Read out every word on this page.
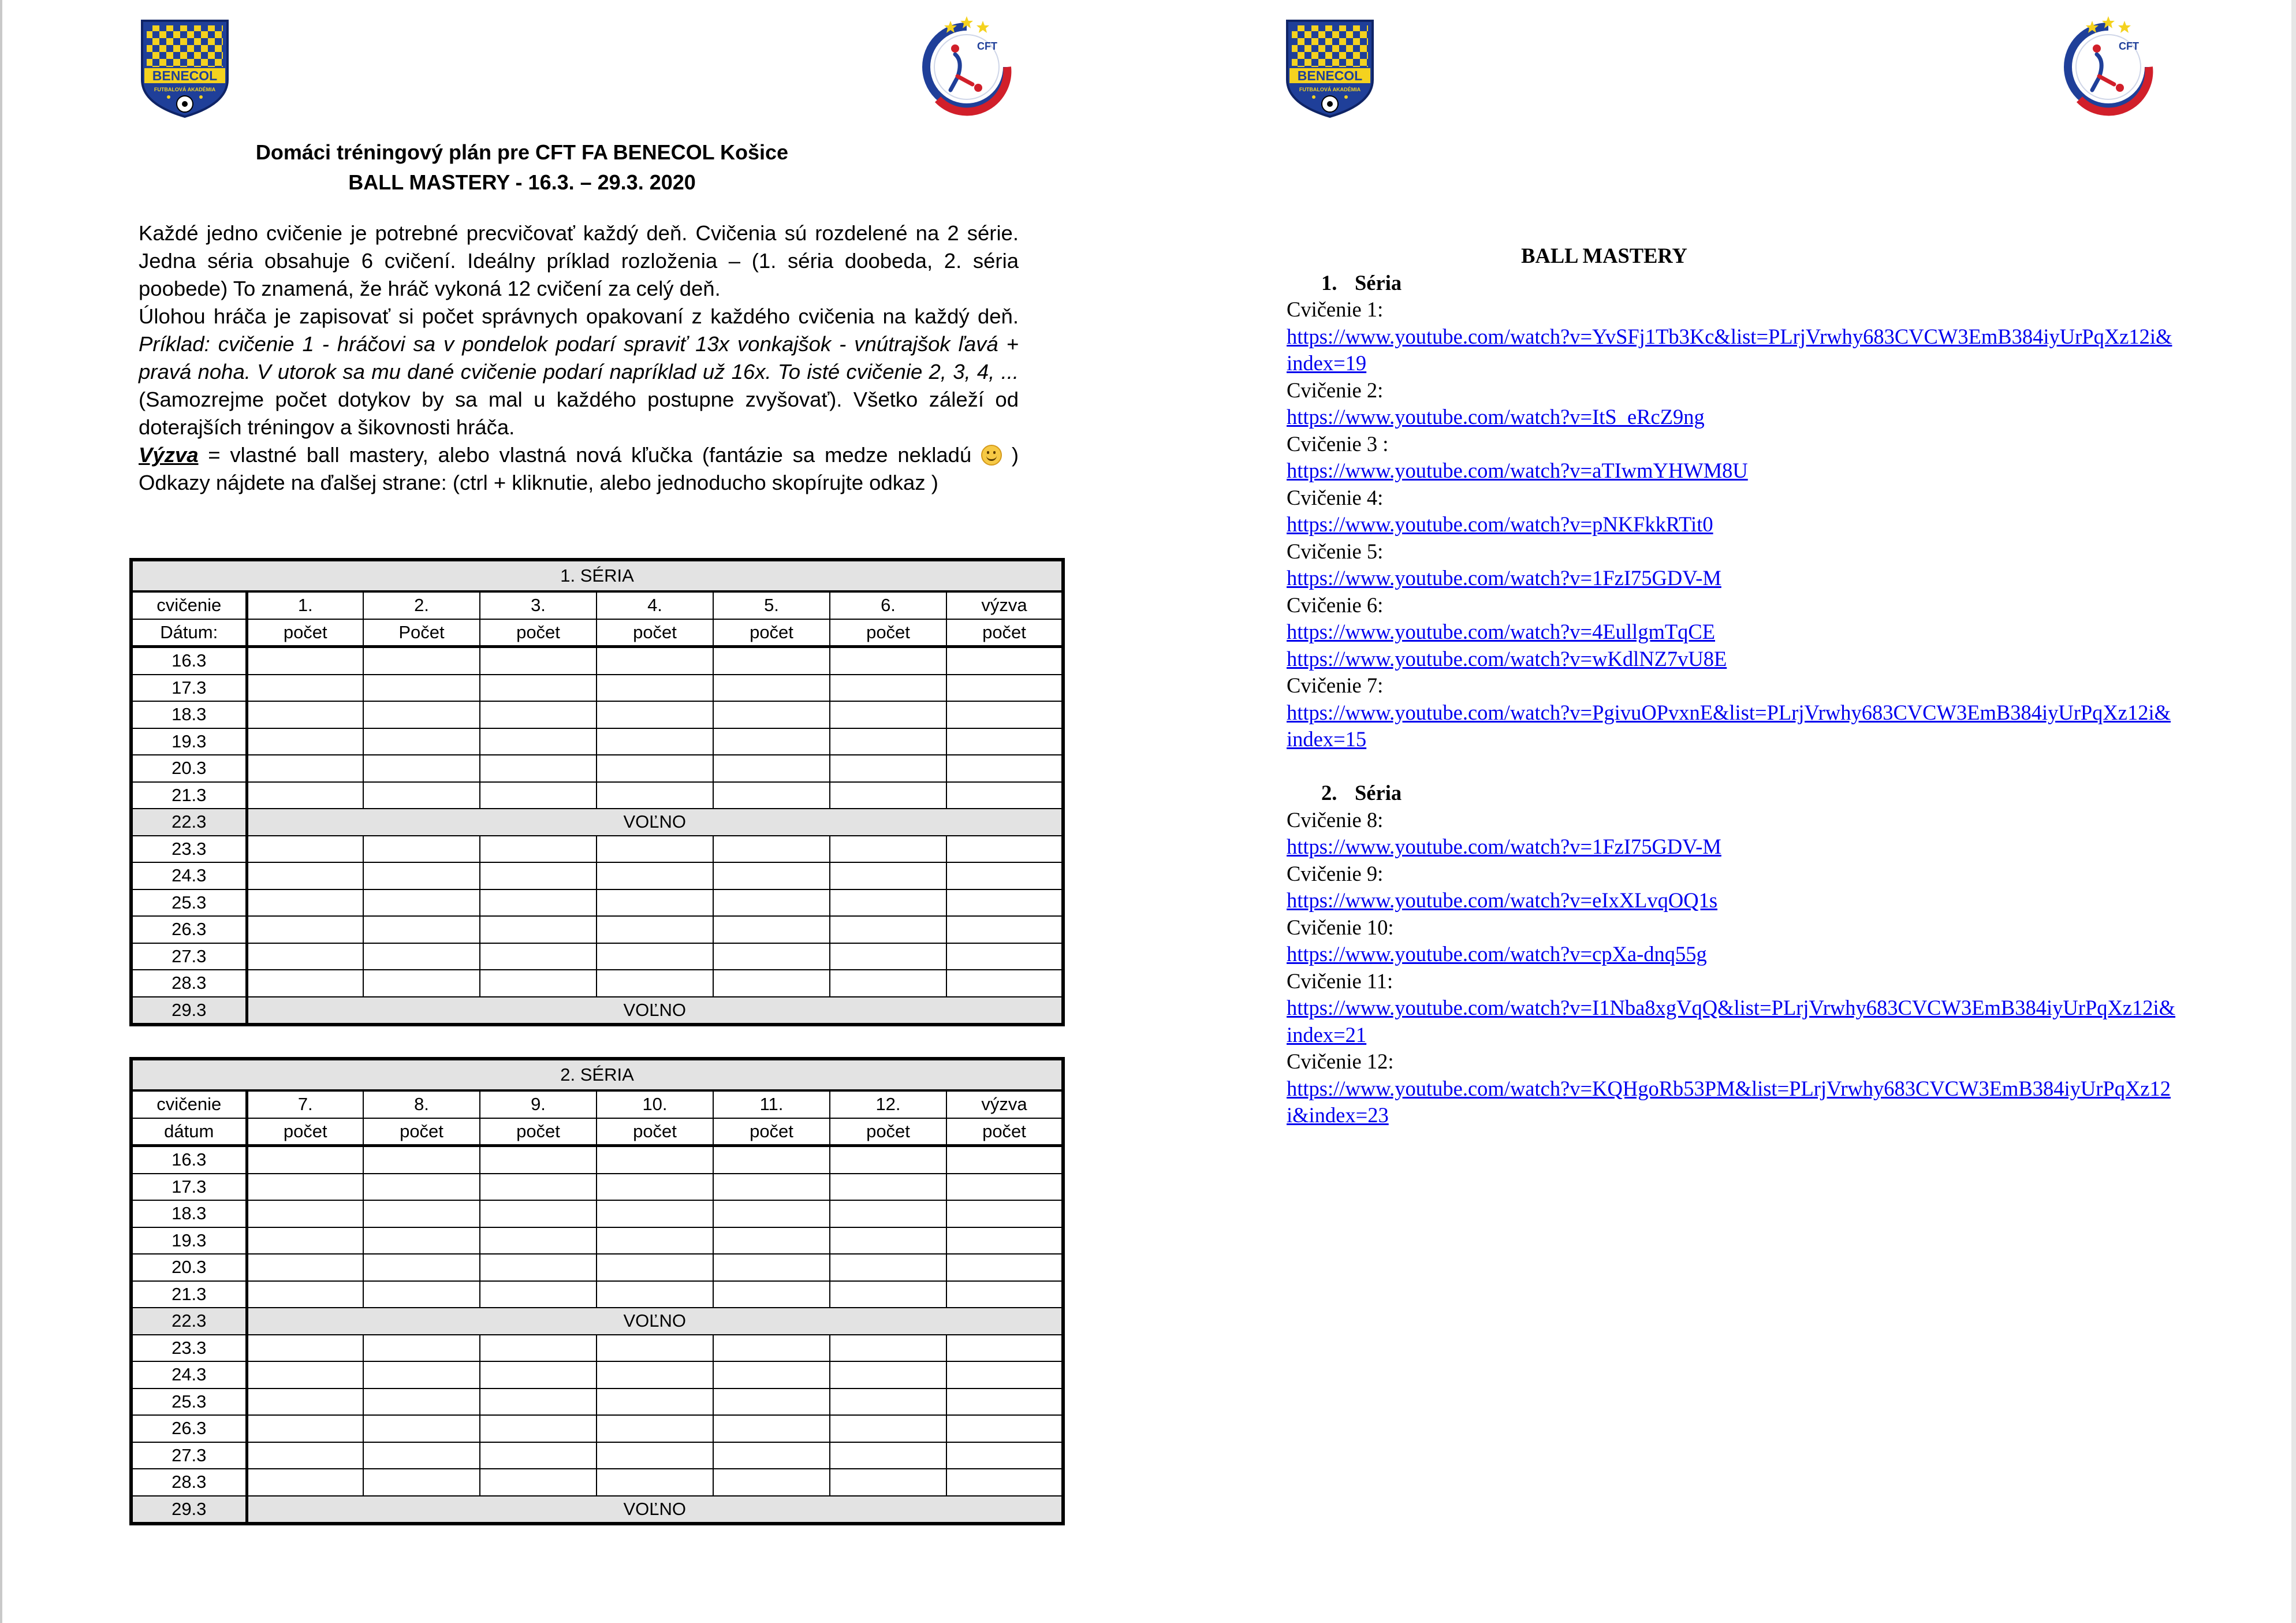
BENECOL
FUTBALOVÁ AKADÉMIA
CFT
Domáci tréningový plán pre CFT FA BENECOL Košice
BALL MASTERY - 16.3. – 29.3. 2020
Každé jedno cvičenie je potrebné precvičovať každý deň. Cvičenia sú rozdelené na 2 série. Jedna séria obsahuje 6 cvičení. Ideálny príklad rozloženia – (1. séria doobeda, 2. séria poobede) To znamená, že hráč vykoná 12 cvičení za celý deň.
Úlohou hráča je zapisovať si počet správnych opakovaní z každého cvičenia na každý deň. Príklad: cvičenie 1 - hráčovi sa v pondelok podarí spraviť 13x vonkajšok - vnútrajšok ľavá + pravá noha. V utorok sa mu dané cvičenie podarí napríklad už 16x. To isté cvičenie 2, 3, 4, ... (Samozrejme počet dotykov by sa mal u každého postupne zvyšovať). Všetko záleží od doterajších tréningov a šikovnosti hráča.
Výzva = vlastné ball mastery, alebo vlastná nová kľučka (fantázie sa medze nekladú  ) Odkazy nájdete na ďalšej strane: (ctrl + kliknutie, alebo jednoducho skopírujte odkaz )
1. SÉRIA							
cvičenie	1.	2.	3.	4.	5.	6.	výzva
Dátum:	počet	Počet	počet	počet	počet	počet	počet
16.3							
17.3							
18.3							
19.3							
20.3							
21.3							
22.3	VOĽNO						
23.3							
24.3							
25.3							
26.3							
27.3							
28.3							
29.3	VOĽNO						
2. SÉRIA							
cvičenie	7.	8.	9.	10.	11.	12.	výzva
dátum	počet	počet	počet	počet	počet	počet	počet
16.3							
17.3							
18.3							
19.3							
20.3							
21.3							
22.3	VOĽNO						
23.3							
24.3							
25.3							
26.3							
27.3							
28.3							
29.3	VOĽNO						
BENECOL
FUTBALOVÁ AKADÉMIA
CFT
BALL MASTERY
1. Séria
Cvičenie 1:
https://www.youtube.com/watch?v=YvSFj1Tb3Kc&list=PLrjVrwhy683CVCW3EmB384iyUrPqXz12i&index=19
Cvičenie 2:
https://www.youtube.com/watch?v=ItS_eRcZ9ng
Cvičenie 3 :
https://www.youtube.com/watch?v=aTIwmYHWM8U
Cvičenie 4:
https://www.youtube.com/watch?v=pNKFkkRTit0
Cvičenie 5:
https://www.youtube.com/watch?v=1FzI75GDV-M
Cvičenie 6:
https://www.youtube.com/watch?v=4EullgmTqCE
https://www.youtube.com/watch?v=wKdlNZ7vU8E
Cvičenie 7:
https://www.youtube.com/watch?v=PgivuOPvxnE&list=PLrjVrwhy683CVCW3EmB384iyUrPqXz12i&index=15
2. Séria
Cvičenie 8:
https://www.youtube.com/watch?v=1FzI75GDV-M
Cvičenie 9:
https://www.youtube.com/watch?v=eIxXLvqOQ1s
Cvičenie 10:
https://www.youtube.com/watch?v=cpXa-dnq55g
Cvičenie 11:
https://www.youtube.com/watch?v=I1Nba8xgVqQ&list=PLrjVrwhy683CVCW3EmB384iyUrPqXz12i&index=21
Cvičenie 12:
https://www.youtube.com/watch?v=KQHgoRb53PM&list=PLrjVrwhy683CVCW3EmB384iyUrPqXz12i&index=23
